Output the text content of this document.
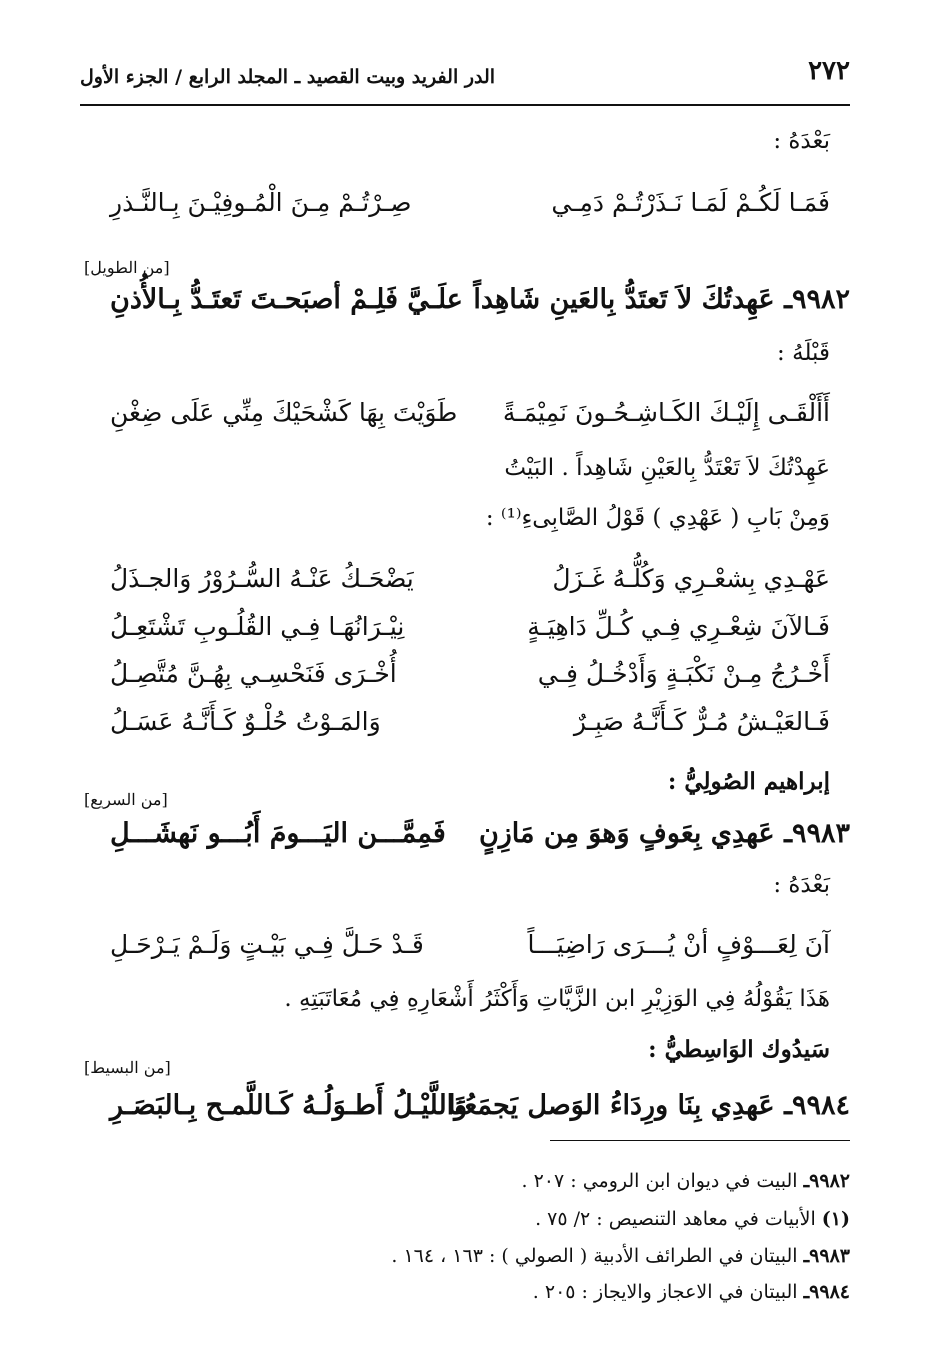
٢٧٢
الدر الفريد وبيت القصيد ـ المجلد الرابع / الجزء الأول
بَعْدَهُ :
فَمَـا لَكُـمْ لَمَـا نَـذَرْتُـمْ دَمِـي
صِـرْتُـمْ مِـنَ الْمُـوفِيْـنَ بِـالنَّـذرِ
[من الطويل]
٩٩٨٢ـ عَهِدتُكَ لاَ تَعتَدُّ بِالعَينِ شَاهِداً
علَـيَّ فَلِـمْ أصبَحـتَ تَعتَـدُّ بِـالأُذنِ
قَبْلَهُ :
أَأَلْقَـى إِلَيْـكَ الكَـاشِـحُـونَ نَمِيْمَـةً
طَوَيْتَ بِهَا كَشْحَيْكَ مِنِّي عَلَى ضِغْنِ
عَهِدْتُكَ لاَ تَعْتَدُّ بِالعَيْنِ شَاهِداً . البَيْتُ
وَمِنْ بَابِ ( عَهْدِي ) قَوْلُ الصَّابِىءِ⁽¹⁾ :
عَهْـدِي بِشعْـرِي وَكُلُّـهُ غَـزَلُ
يَضْحَـكُ عَنْـهُ السُّـرُوْرُ وَالجـذَلُ
فَـالآنَ شِعْـرِي فِـي كُـلِّ دَاهِيَـةٍ
نِيْـرَانُهَـا فِـي القُلُـوبِ تَشْتَعِـلُ
أَخْـرُجُ مِـنْ نَكْبَـةٍ وَأَدْخُـلُ فِـي
أُخْـرَى فَنَحْسِـي بِهُـنَّ مُتَّصِـلُ
فَـالعَيْـشُ مُـرٌّ كَـأَنَّـهُ صَبِـرٌ
وَالمَـوْتُ حُلْـوٌ كَـأَنَّـهُ عَسَـلُ
إبراهيم الصُولِيُّ :
[من السريع]
٩٩٨٣ـ عَهدِي بِعَوفٍ وَهوَ مِن مَازِنٍ
فَمِمَّـــن اليَـــومَ أَبُـــو نَهشَـــلِ
بَعْدَهُ :
آنَ لِعَـــوْفٍ أنْ يُـــرَى رَاضِيَـــاً
قَـدْ حَـلَّ فِـي بَيْـتٍ وَلَـمْ يَـرْحَـلِ
هَذَا يَقُوْلُهُ فِي الوَزِيْرِ ابن الزَّيَّاتِ وَأَكْثَرُ أَشْعَارِهِ فِي مُعَاتَبَتِهِ .
سَيدُوك الوَاسِطيُّ :
[من البسيط]
٩٩٨٤ـ عَهدِي بِنَا ورِدَاءُ الوَصل يَجمَعُنَا
وَاللَّيْـلُ أَطـوَلُـهُ كَـاللَّمـح بِـالبَصَـرِ
٩٩٨٢ـ البيت في ديوان ابن الرومي : ٢٠٧ .
(١) الأبيات في معاهد التنصيص : ٢/ ٧٥ .
٩٩٨٣ـ البيتان في الطرائف الأدبية ( الصولي ) : ١٦٣ ، ١٦٤ .
٩٩٨٤ـ البيتان في الاعجاز والايجاز : ٢٠٥ .
